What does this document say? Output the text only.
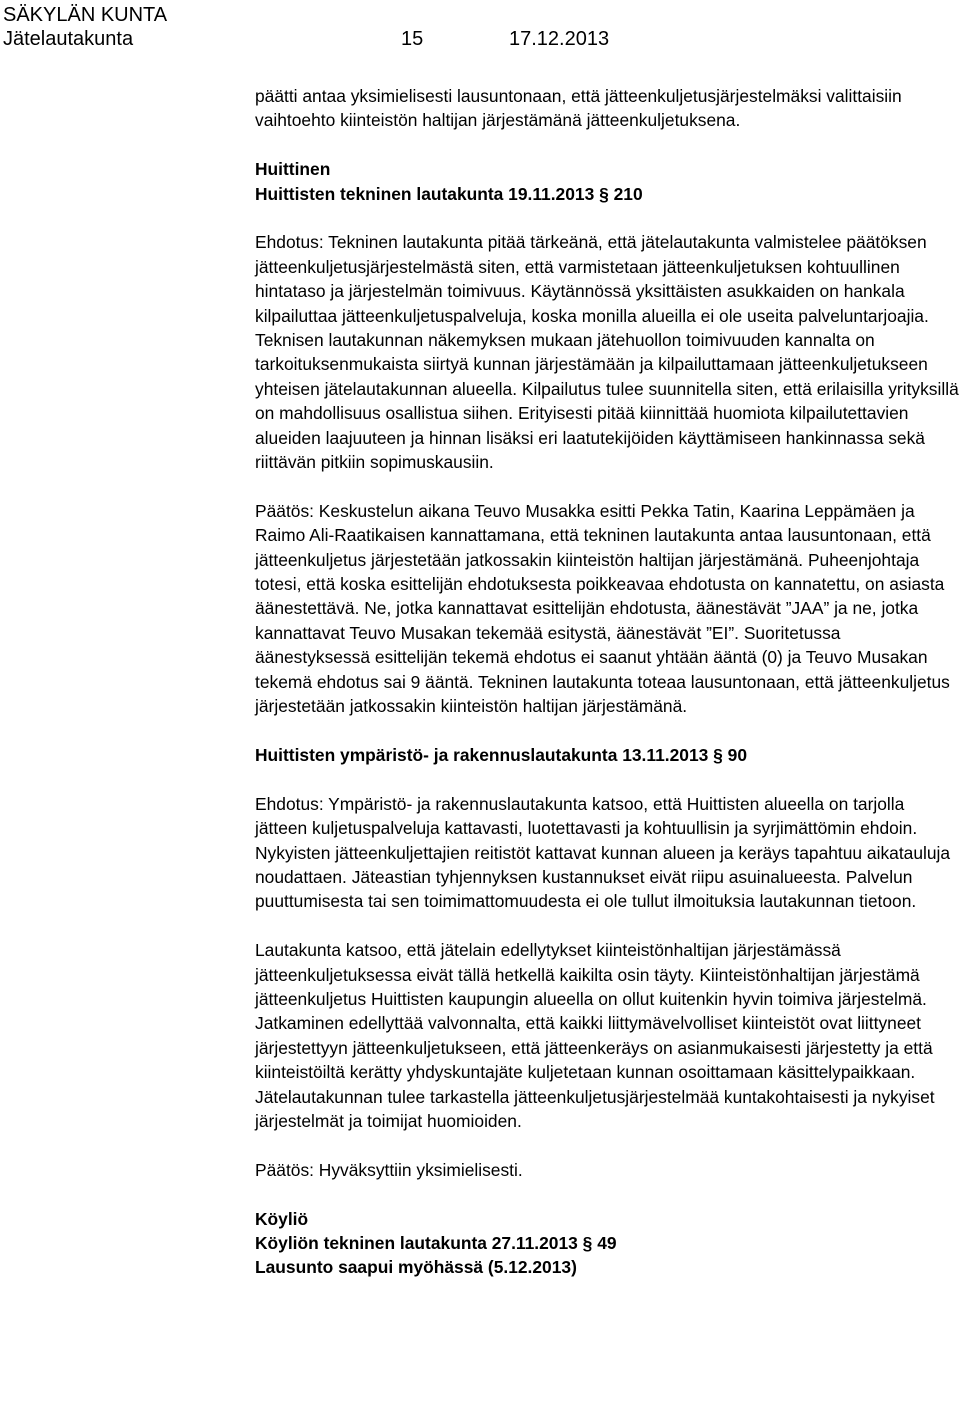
SÄKYLÄN KUNTA
Jätelautakunta	15	17.12.2013

päätti antaa yksimielisesti lausuntonaan, että jätteenkuljetusjärjestelmäksi valittaisiin vaihtoehto kiinteistön haltijan järjestämänä jätteenkuljetuksena.

Huittinen

Huittisten tekninen lautakunta 19.11.2013 § 210

Ehdotus: Tekninen lautakunta pitää tärkeänä, että jätelautakunta valmistelee päätöksen jätteenkuljetusjärjestelmästä siten, että varmistetaan jätteenkuljetuksen kohtuullinen hintataso ja järjestelmän toimivuus. Käytännössä yksittäisten asukkaiden on hankala kilpailuttaa jätteenkuljetuspalveluja, koska monilla alueilla ei ole useita palveluntarjoajia. Teknisen lautakunnan näkemyksen mukaan jätehuollon toimivuuden kannalta on tarkoituksenmukaista siirtyä kunnan järjestämään ja kilpailuttamaan jätteenkuljetukseen yhteisen jätelautakunnan alueella. Kilpailutus tulee suunnitella siten, että erilaisilla yrityksillä on mahdollisuus osallistua siihen. Erityisesti pitää kiinnittää huomiota kilpailutettavien alueiden laajuuteen ja hinnan lisäksi eri laatutekijöiden käyttämiseen hankinnassa sekä riittävän pitkiin sopimuskausiin.

Päätös: Keskustelun aikana Teuvo Musakka esitti Pekka Tatin, Kaarina Leppämäen ja Raimo Ali-Raatikaisen kannattamana, että tekninen lautakunta antaa lausuntonaan, että jätteenkuljetus järjestetään jatkossakin kiinteistön haltijan järjestämänä. Puheenjohtaja totesi, että koska esittelijän ehdotuksesta poikkeavaa ehdotusta on kannatettu, on asiasta äänestettävä. Ne, jotka kannattavat esittelijän ehdotusta, äänestävät ”JAA” ja ne, jotka kannattavat Teuvo Musakan tekemää esitystä, äänestävät ”EI”. Suoritetussa äänestyksessä esittelijän tekemä ehdotus ei saanut yhtään ääntä (0) ja Teuvo Musakan tekemä ehdotus sai 9 ääntä. Tekninen lautakunta toteaa lausuntonaan, että jätteenkuljetus järjestetään jatkossakin kiinteistön haltijan järjestämänä.

Huittisten ympäristö- ja rakennuslautakunta 13.11.2013 § 90

Ehdotus: Ympäristö- ja rakennuslautakunta katsoo, että Huittisten alueella on tarjolla jätteen kuljetuspalveluja kattavasti, luotettavasti ja kohtuullisin ja syrjimättömin ehdoin. Nykyisten jätteenkuljettajien reitistöt kattavat kunnan alueen ja keräys tapahtuu aikatauluja noudattaen. Jäteastian tyhjennyksen kustannukset eivät riipu asuinalueesta. Palvelun puuttumisesta tai sen toimimattomuudesta ei ole tullut ilmoituksia lautakunnan tietoon.

Lautakunta katsoo, että jätelain edellytykset kiinteistönhaltijan järjestämässä jätteenkuljetuksessa eivät tällä hetkellä kaikilta osin täyty. Kiinteistönhaltijan järjestämä jätteenkuljetus Huittisten kaupungin alueella on ollut kuitenkin hyvin toimiva järjestelmä. Jatkaminen edellyttää valvonnalta, että kaikki liittymävelvolliset kiinteistöt ovat liittyneet järjestettyyn jätteenkuljetukseen, että jätteenkeräys on asianmukaisesti järjestetty ja että kiinteistöiltä kerätty yhdyskuntajäte kuljetetaan kunnan osoittamaan käsittelypaikkaan. Jätelautakunnan tulee tarkastella jätteenkuljetusjärjestelmää kuntakohtaisesti ja nykyiset järjestelmät ja toimijat huomioiden.

Päätös: Hyväksyttiin yksimielisesti.

Köyliö

Köyliön tekninen lautakunta 27.11.2013 § 49

Lausunto saapui myöhässä (5.12.2013)
